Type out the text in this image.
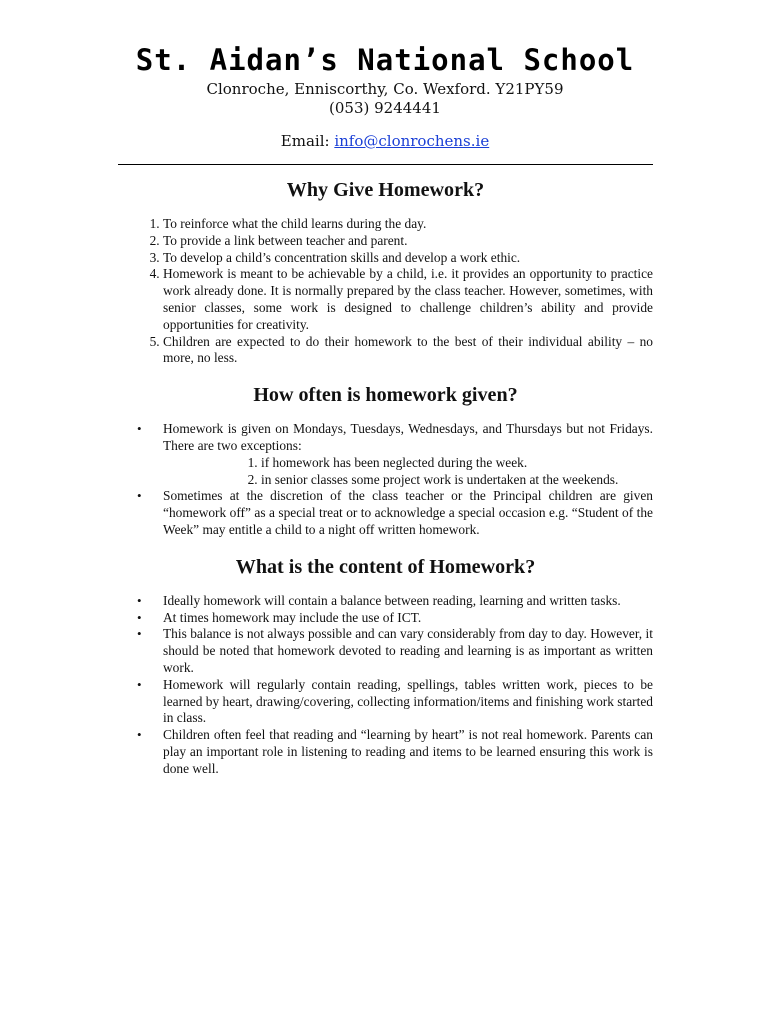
St. Aidan’s National School

Clonroche, Enniscorthy, Co. Wexford. Y21PY59

(053) 9244441

Email: info@clonrochens.ie

Why Give Homework?
1. To reinforce what the child learns during the day.
2. To provide a link between teacher and parent.
3. To develop a child’s concentration skills and develop a work ethic.
4. Homework is meant to be achievable by a child, i.e. it provides an opportunity to practice work already done. It is normally prepared by the class teacher. However, sometimes, with senior classes, some work is designed to challenge children’s ability and provide opportunities for creativity.
5. Children are expected to do their homework to the best of their individual ability – no more, no less.
How often is homework given?
• Homework is given on Mondays, Tuesdays, Wednesdays, and Thursdays but not Fridays. There are two exceptions:
1. if homework has been neglected during the week.
2. in senior classes some project work is undertaken at the weekends.
• Sometimes at the discretion of the class teacher or the Principal children are given “homework off” as a special treat or to acknowledge a special occasion e.g. “Student of the Week” may entitle a child to a night off written homework.
What is the content of Homework?
• Ideally homework will contain a balance between reading, learning and written tasks.
• At times homework may include the use of ICT.
• This balance is not always possible and can vary considerably from day to day. However, it should be noted that homework devoted to reading and learning is as important as written work.
• Homework will regularly contain reading, spellings, tables written work, pieces to be learned by heart, drawing/covering, collecting information/items and finishing work started in class.
• Children often feel that reading and “learning by heart” is not real homework. Parents can play an important role in listening to reading and items to be learned ensuring this work is done well.
